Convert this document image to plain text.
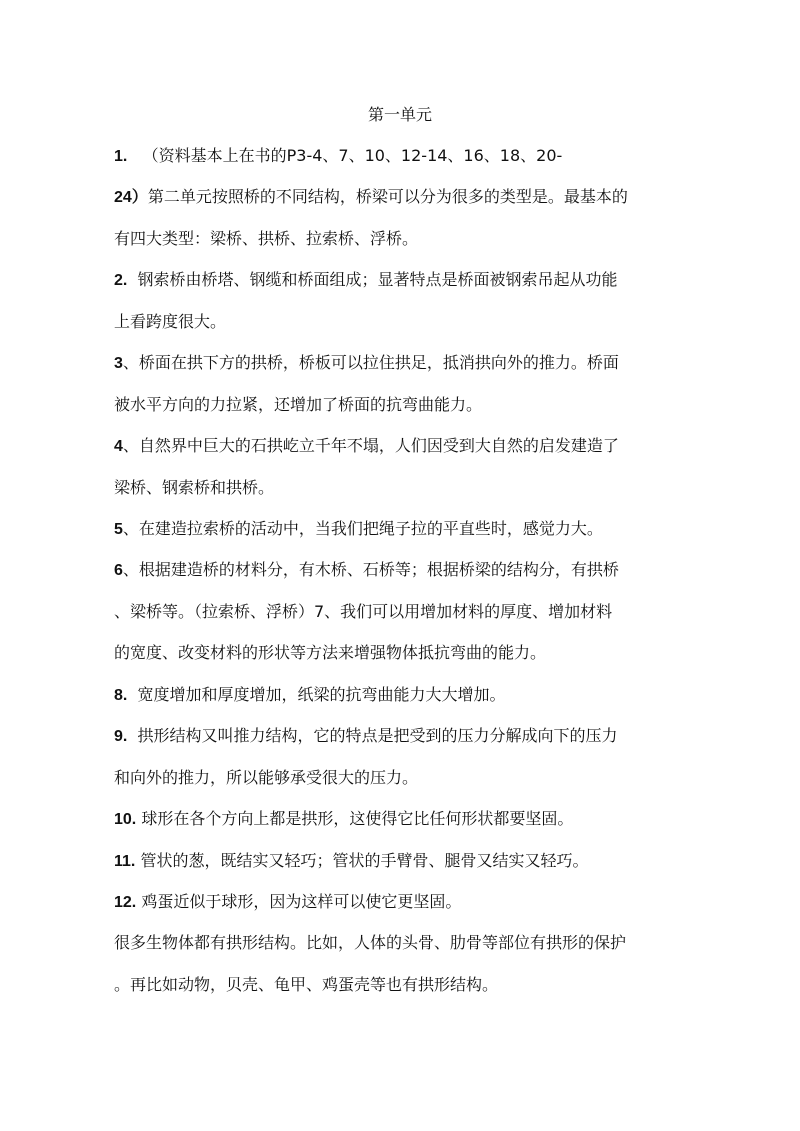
第一单元
1. （资料基本上在书的P3-4、7、10、12-14、16、18、20-
24）第二单元按照桥的不同结构，桥梁可以分为很多的类型是。最基本的
有四大类型：梁桥、拱桥、拉索桥、浮桥。
2. 钢索桥由桥塔、钢缆和桥面组成；显著特点是桥面被钢索吊起从功能
上看跨度很大。
3、桥面在拱下方的拱桥，桥板可以拉住拱足，抵消拱向外的推力。桥面
被水平方向的力拉紧，还增加了桥面的抗弯曲能力。
4、自然界中巨大的石拱屹立千年不塌，人们因受到大自然的启发建造了
梁桥、钢索桥和拱桥。
5、在建造拉索桥的活动中，当我们把绳子拉的平直些时，感觉力大。
6、根据建造桥的材料分，有木桥、石桥等；根据桥梁的结构分，有拱桥
、梁桥等。（拉索桥、浮桥）7、我们可以用增加材料的厚度、增加材料
的宽度、改变材料的形状等方法来增强物体抵抗弯曲的能力。
8. 宽度增加和厚度增加，纸梁的抗弯曲能力大大增加。
9. 拱形结构又叫推力结构，它的特点是把受到的压力分解成向下的压力
和向外的推力，所以能够承受很大的压力。
10. 球形在各个方向上都是拱形，这使得它比任何形状都要坚固。
11. 管状的葱，既结实又轻巧；管状的手臂骨、腿骨又结实又轻巧。
12. 鸡蛋近似于球形，因为这样可以使它更坚固。
很多生物体都有拱形结构。比如，人体的头骨、肋骨等部位有拱形的保护
。再比如动物，贝壳、龟甲、鸡蛋壳等也有拱形结构。
